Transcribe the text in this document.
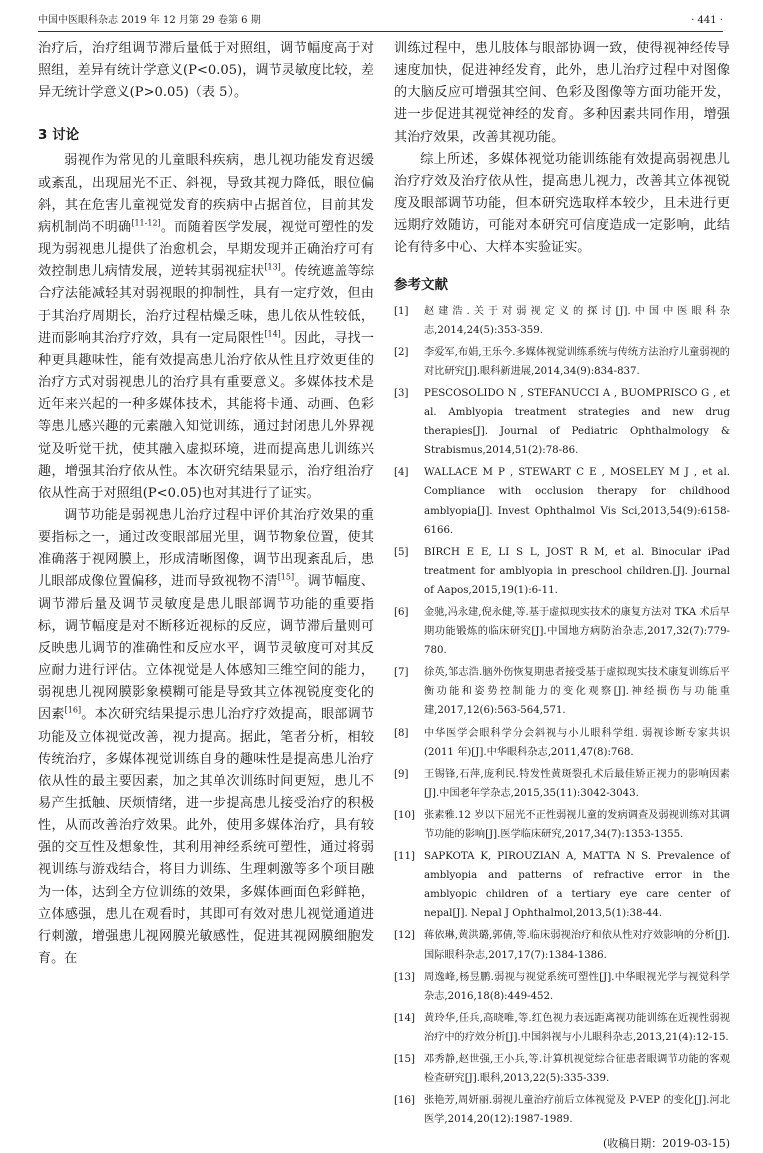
中国中医眼科杂志 2019 年 12 月第 29 卷第 6 期	· 441 ·

治疗后，治疗组调节滞后量低于对照组，调节幅度高于对照组，差异有统计学意义(P<0.05)，调节灵敏度比较，差异无统计学意义(P>0.05)（表 5）。

3 讨论

弱视作为常见的儿童眼科疾病，患儿视功能发育迟缓或紊乱，出现屈光不正、斜视，导致其视力降低，眼位偏斜，其在危害儿童视觉发育的疾病中占据首位，目前其发病机制尚不明确[11-12]。而随着医学发展，视觉可塑性的发现为弱视患儿提供了治愈机会，早期发现并正确治疗可有效控制患儿病情发展，逆转其弱视症状[13]。传统遮盖等综合疗法能减轻其对弱视眼的抑制性，具有一定疗效，但由于其治疗周期长，治疗过程枯燥乏味，患儿依从性较低，进而影响其治疗疗效，具有一定局限性[14]。因此，寻找一种更具趣味性，能有效提高患儿治疗依从性且疗效更佳的治疗方式对弱视患儿的治疗具有重要意义。多媒体技术是近年来兴起的一种多媒体技术，其能将卡通、动画、色彩等患儿感兴趣的元素融入知觉训练，通过封闭患儿外界视觉及听觉干扰，使其融入虚拟环境，进而提高患儿训练兴趣，增强其治疗依从性。本次研究结果显示，治疗组治疗依从性高于对照组(P<0.05)也对其进行了证实。

调节功能是弱视患儿治疗过程中评价其治疗效果的重要指标之一，通过改变眼部屈光里，调节物象位置，使其准确落于视网膜上，形成清晰图像，调节出现紊乱后，患儿眼部成像位置偏移，进而导致视物不清[15]。调节幅度、调节滞后量及调节灵敏度是患儿眼部调节功能的重要指标，调节幅度是对不断移近视标的反应，调节滞后量则可反映患儿调节的准确性和反应水平，调节灵敏度可对其反应耐力进行评估。立体视觉是人体感知三维空间的能力，弱视患儿视网膜影象模糊可能是导致其立体视锐度变化的因素[16]。本次研究结果提示患儿治疗疗效提高，眼部调节功能及立体视觉改善，视力提高。据此，笔者分析，相较传统治疗，多媒体视觉训练自身的趣味性是提高患儿治疗依从性的最主要因素，加之其单次训练时间更短，患儿不易产生抵触、厌烦情绪，进一步提高患儿接受治疗的积极性，从而改善治疗效果。此外，使用多媒体治疗，具有较强的交互性及想象性，其利用神经系统可塑性，通过将弱视训练与游戏结合，将目力训练、生理刺激等多个项目融为一体，达到全方位训练的效果，多媒体画面色彩鲜艳，立体感强，患儿在观看时，其即可有效对患儿视觉通道进行刺激，增强患儿视网膜光敏感性，促进其视网膜细胞发育。在

训练过程中，患儿肢体与眼部协调一致，使得视神经传导速度加快，促进神经发育，此外，患儿治疗过程中对图像的大脑反应可增强其空间、色彩及图像等方面功能开发，进一步促进其视觉神经的发育。多种因素共同作用，增强其治疗效果，改善其视功能。

综上所述，多媒体视觉功能训练能有效提高弱视患儿治疗疗效及治疗依从性，提高患儿视力，改善其立体视锐度及眼部调节功能，但本研究选取样本较少，且未进行更远期疗效随访，可能对本研究可信度造成一定影响，此结论有待多中心、大样本实验证实。

参考文献
[1] 赵建浩.关于对弱视定义的探讨[J].中国中医眼科杂志,2014,24(5):353-359.
[2] 李爱军,布娟,王乐今.多媒体视觉训练系统与传统方法治疗儿童弱视的对比研究[J].眼科新进展,2014,34(9):834-837.
[3] PESCOSOLIDO N , STEFANUCCI A , BUOMPRISCO G , et al. Amblyopia treatment strategies and new drug therapies[J]. Journal of Pediatric Ophthalmology & Strabismus,2014,51(2):78-86.
[4] WALLACE M P , STEWART C E , MOSELEY M J , et al. Compliance with occlusion therapy for childhood amblyopia[J]. Invest Ophthalmol Vis Sci,2013,54(9):6158-6166.
[5] BIRCH E E, LI S L, JOST R M, et al. Binocular iPad treatment for amblyopia in preschool children.[J]. Journal of Aapos,2015,19(1):6-11.
[6] 金驰,冯永建,倪永健,等.基于虚拟现实技术的康复方法对 TKA 术后早期功能锻炼的临床研究[J].中国地方病防治杂志,2017,32(7):779-780.
[7] 徐英,邹志浩.脑外伤恢复期患者接受基于虚拟现实技术康复训练后平衡功能和姿势控制能力的变化观察[J].神经损伤与功能重建,2017,12(6):563-564,571.
[8] 中华医学会眼科学分会斜视与小儿眼科学组. 弱视诊断专家共识(2011 年)[J].中华眼科杂志,2011,47(8):768.
[9] 王锡锋,石萍,庞利民.特发性黄斑裂孔术后最佳矫正视力的影响因素[J].中国老年学杂志,2015,35(11):3042-3043.
[10] 张素雅.12 岁以下屈光不正性弱视儿童的发病调查及弱视训练对其调节功能的影响[J].医学临床研究,2017,34(7):1353-1355.
[11] SAPKOTA K, PIROUZIAN A, MATTA N S. Prevalence of amblyopia and patterns of refractive error in the amblyopic children of a tertiary eye care center of nepal[J]. Nepal J Ophthalmol,2013,5(1):38-44.
[12] 蒋依琳,黄洪璐,郭倩,等.临床弱视治疗和依从性对疗效影响的分析[J].国际眼科杂志,2017,17(7):1384-1386.
[13] 周逸峰,杨昱鹏.弱视与视觉系统可塑性[J].中华眼视光学与视觉科学杂志,2016,18(8):449-452.
[14] 黄玲华,任兵,高晓唯,等.红色视力表远距离视功能训练在近视性弱视治疗中的疗效分析[J].中国斜视与小儿眼科杂志,2013,21(4):12-15.
[15] 邓秀静,赵世强,王小兵,等.计算机视觉综合征患者眼调节功能的客观检查研究[J].眼科,2013,22(5):335-339.
[16] 张艳芳,周妍丽.弱视儿童治疗前后立体视觉及 P-VEP 的变化[J].河北医学,2014,20(12):1987-1989.
(收稿日期：2019-03-15)
